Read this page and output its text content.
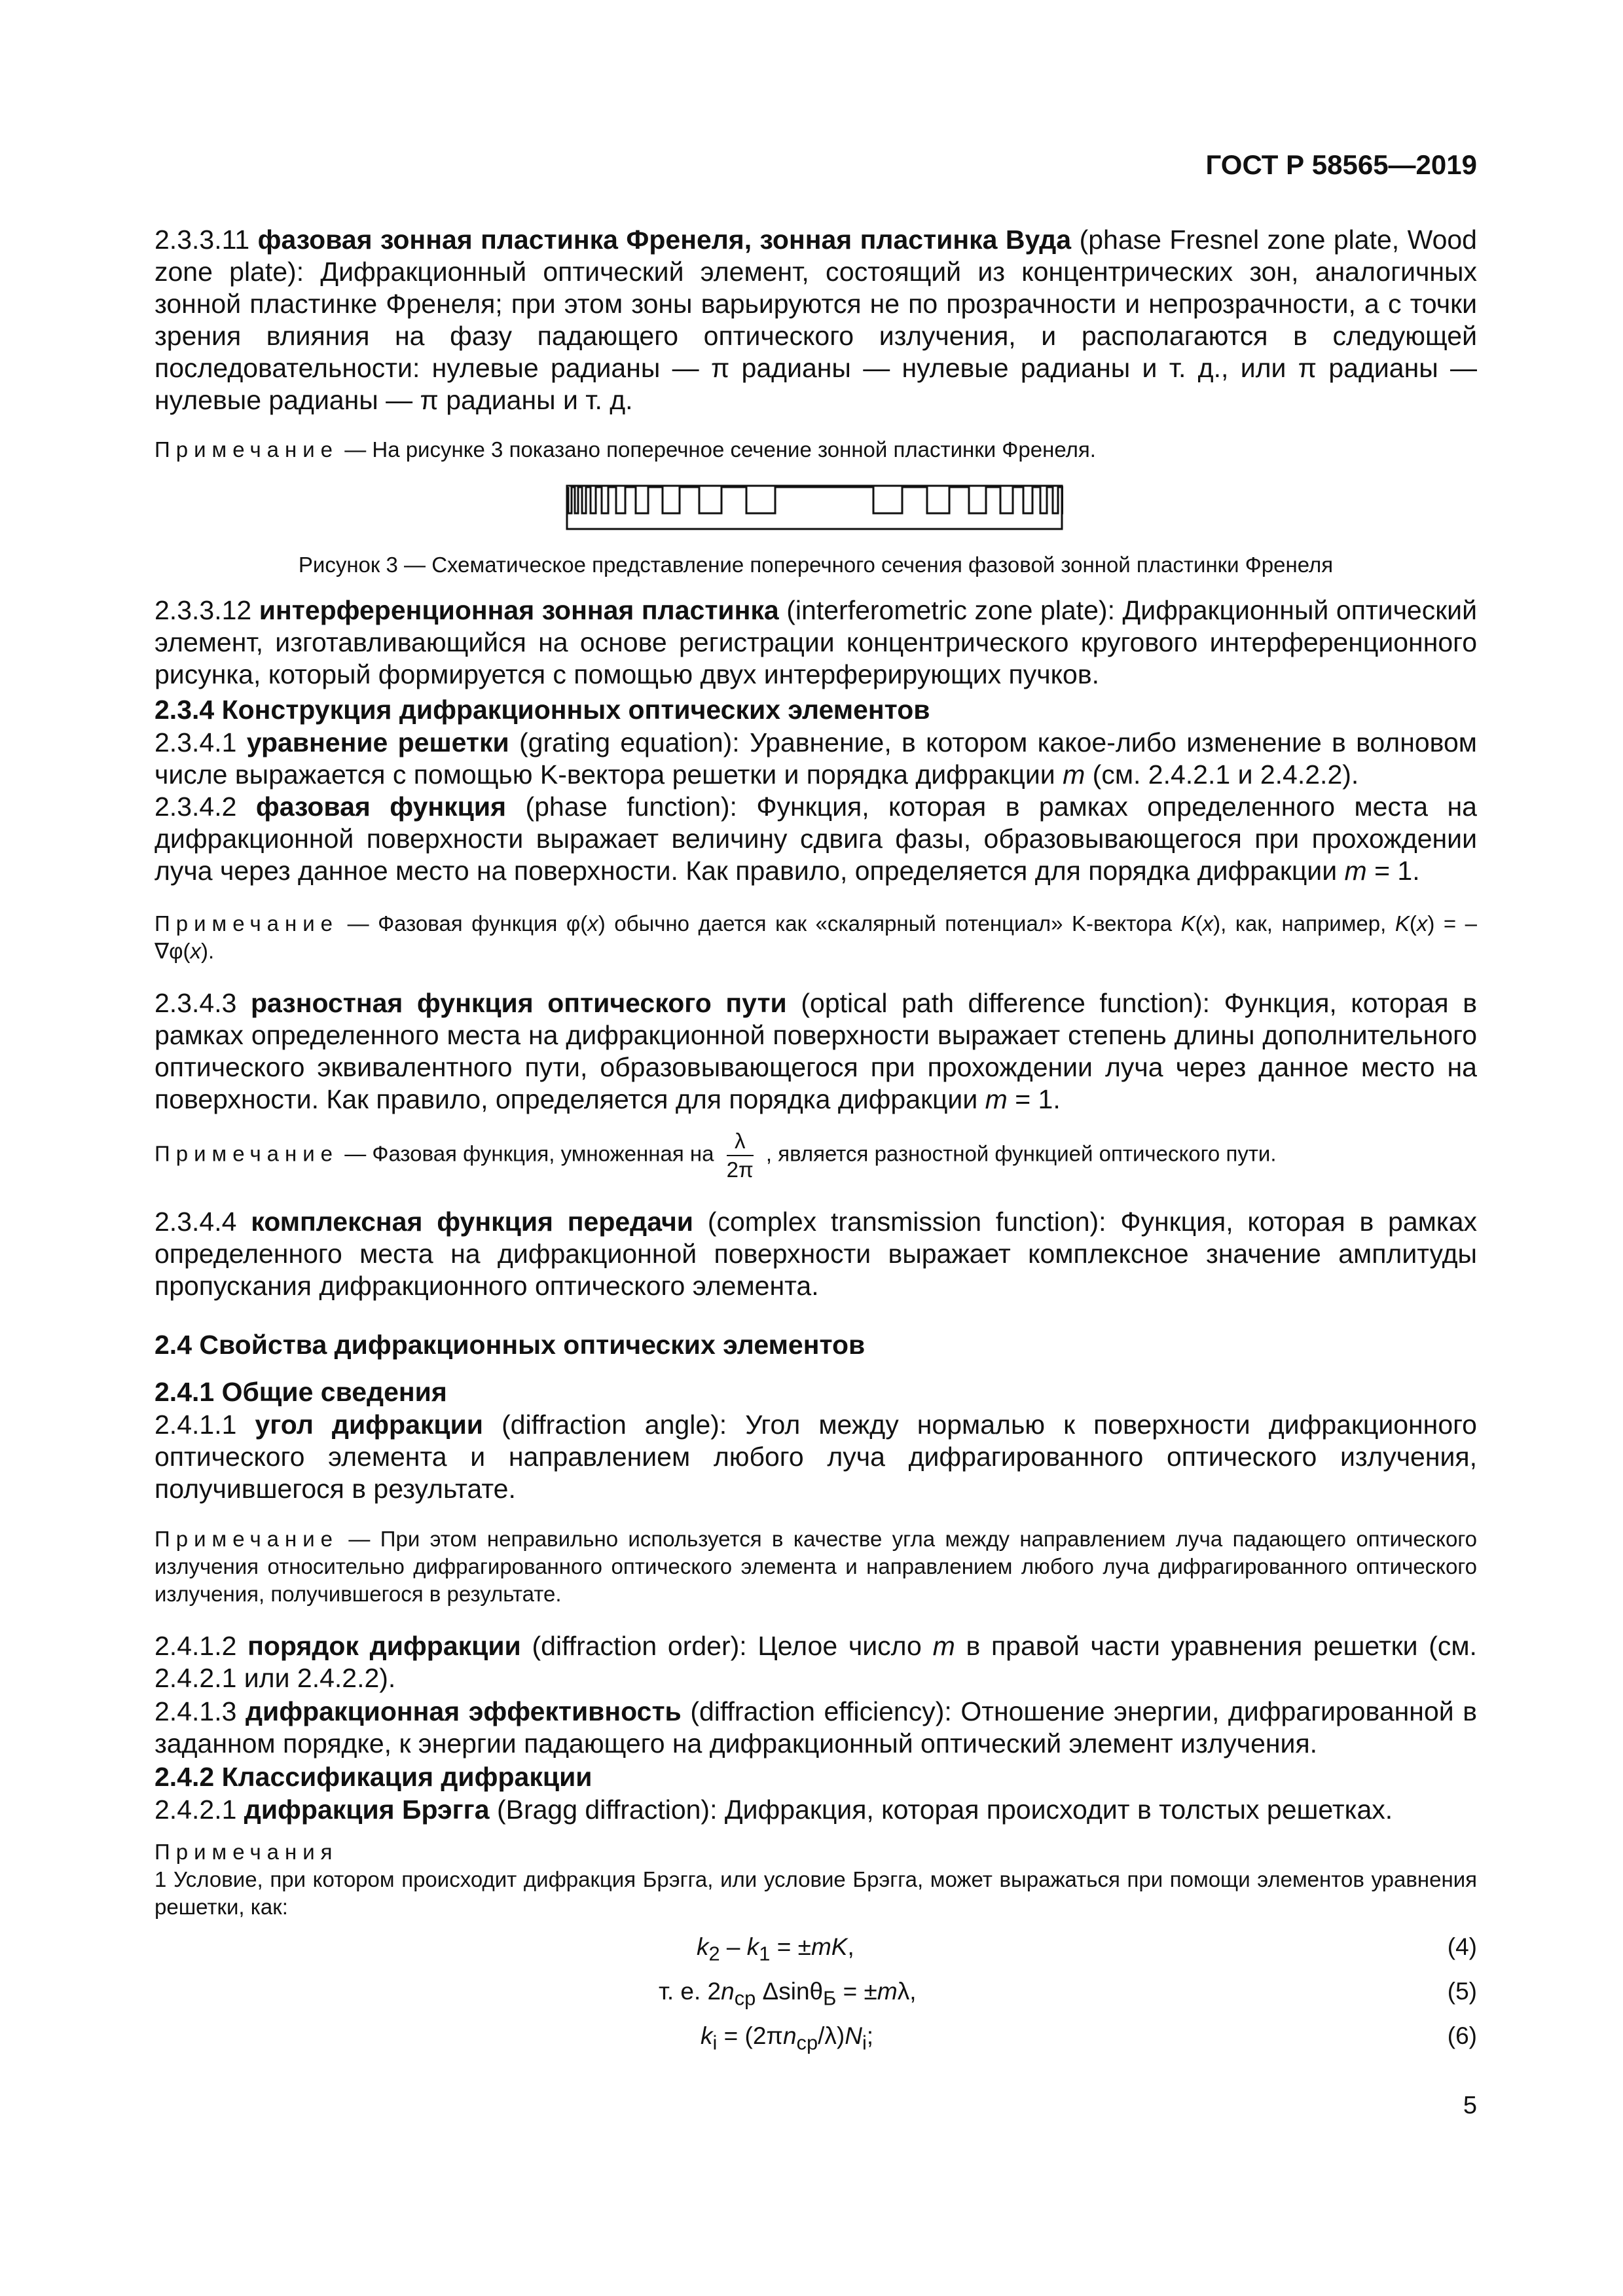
ГОСТ Р 58565—2019
2.3.3.11 фазовая зонная пластинка Френеля, зонная пластинка Вуда (phase Fresnel zone plate, Wood zone plate): Дифракционный оптический элемент, состоящий из концентрических зон, аналогичных зонной пластинке Френеля; при этом зоны варьируются не по прозрачности и непрозрачности, а с точки зрения влияния на фазу падающего оптического излучения, и располагаются в следующей последовательности: нулевые радианы — π радианы — нулевые радианы и т. д., или π радианы — нулевые радианы — π радианы и т. д.
Примечание — На рисунке 3 показано поперечное сечение зонной пластинки Френеля.
Рисунок 3 — Схематическое представление поперечного сечения фазовой зонной пластинки Френеля
2.3.3.12 интерференционная зонная пластинка (interferometric zone plate): Дифракционный оптический элемент, изготавливающийся на основе регистрации концентрического кругового интерференционного рисунка, который формируется с помощью двух интерферирующих пучков.
2.3.4 Конструкция дифракционных оптических элементов
2.3.4.1 уравнение решетки (grating equation): Уравнение, в котором какое-либо изменение в волновом числе выражается с помощью K-вектора решетки и порядка дифракции m (см. 2.4.2.1 и 2.4.2.2).
2.3.4.2 фазовая функция (phase function): Функция, которая в рамках определенного места на дифракционной поверхности выражает величину сдвига фазы, образовывающегося при прохождении луча через данное место на поверхности. Как правило, определяется для порядка дифракции m = 1.
Примечание — Фазовая функция φ(x) обычно дается как «скалярный потенциал» K-вектора K(x), как, например, K(x) = –∇φ(x).
2.3.4.3 разностная функция оптического пути (optical path difference function): Функция, которая в рамках определенного места на дифракционной поверхности выражает степень длины дополнительного оптического эквивалентного пути, образовывающегося при прохождении луча через данное место на поверхности. Как правило, определяется для порядка дифракции m = 1.
Примечание — Фазовая функция, умноженная на $\frac{\lambda}{2\pi}$ , является разностной функцией оптического пути.
2.3.4.4 комплексная функция передачи (complex transmission function): Функция, которая в рамках определенного места на дифракционной поверхности выражает комплексное значение амплитуды пропускания дифракционного оптического элемента.
2.4 Свойства дифракционных оптических элементов
2.4.1 Общие сведения
2.4.1.1 угол дифракции (diffraction angle): Угол между нормалью к поверхности дифракционного оптического элемента и направлением любого луча дифрагированного оптического излучения, получившегося в результате.
Примечание — При этом неправильно используется в качестве угла между направлением луча падающего оптического излучения относительно дифрагированного оптического элемента и направлением любого луча дифрагированного оптического излучения, получившегося в результате.
2.4.1.2 порядок дифракции (diffraction order): Целое число m в правой части уравнения решетки (см. 2.4.2.1 или 2.4.2.2).
2.4.1.3 дифракционная эффективность (diffraction efficiency): Отношение энергии, дифрагированной в заданном порядке, к энергии падающего на дифракционный оптический элемент излучения.
2.4.2 Классификация дифракции
2.4.2.1 дифракция Брэгга (Bragg diffraction): Дифракция, которая происходит в толстых решетках.
Примечания
1 Условие, при котором происходит дифракция Брэгга, или условие Брэгга, может выражаться при помощи элементов уравнения решетки, как:
$k_2 - k_1 = \pm mK$,	(4)
т. е. $2n_{ср}$ Δsinθ$_Б$ = ±mλ,	(5)
$k_i = (2\pi n_{ср}/\lambda)N_i$;	(6)
5
